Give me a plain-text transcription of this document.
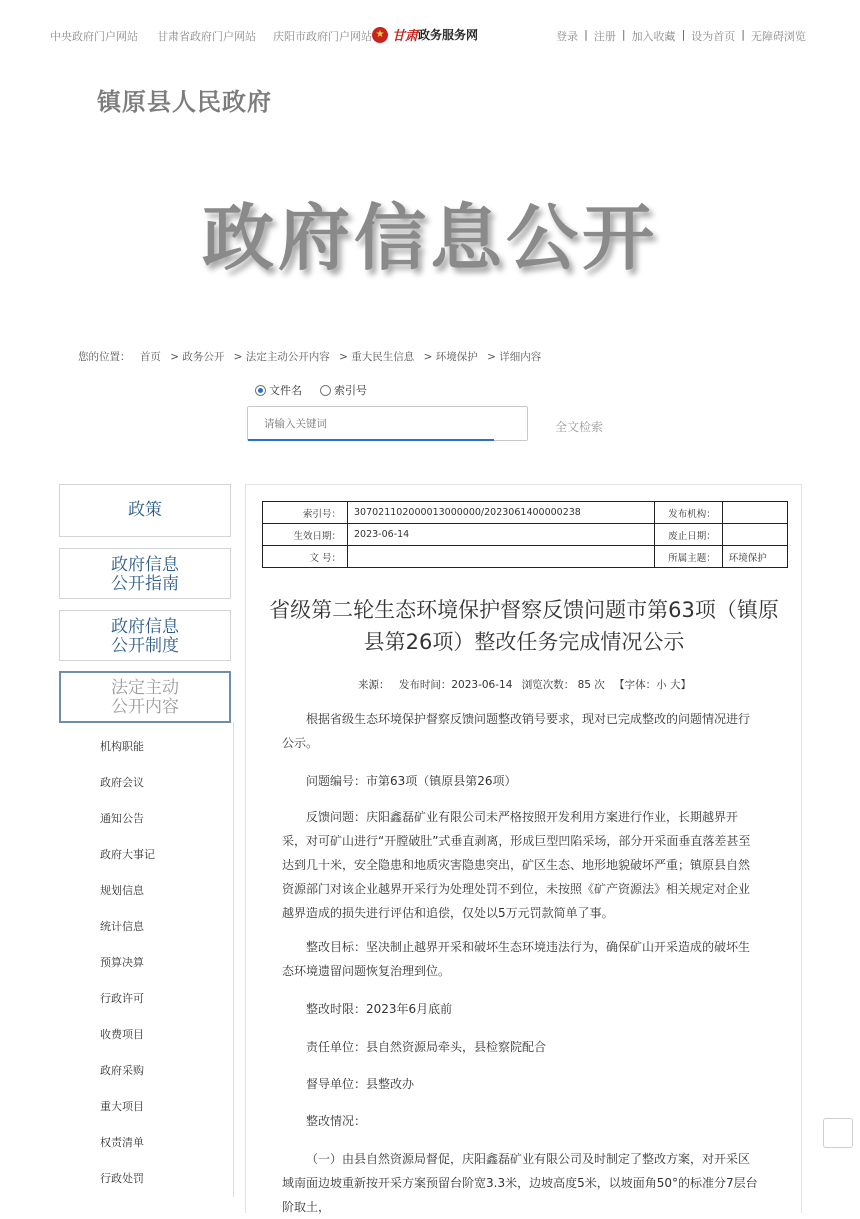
中央政府门户网站 甘肃省政府门户网站 庆阳市政府门户网站 ★ 甘肃 政务服务网	登录 | 注册 | 加入收藏 | 设为首页 | 无障碍浏览
镇原县人民政府
政府信息公开
您的位置： 首页 > 政务公开 > 法定主动公开内容 > 重大民生信息 > 环境保护 > 详细内容
文件名	索引号
请输入关键词
全文检索
政策
政府信息
公开指南
政府信息
公开制度
法定主动
公开内容
机构职能
政府会议
通知公告
政府大事记
规划信息
统计信息
预算决算
行政许可
收费项目
政府采购
重大项目
权责清单
行政处罚
索引号：	307021102000013000000/2023061400000238	发布机构：	
生效日期：	2023-06-14	废止日期：	
文 号：		所属主题：	环境保护
省级第二轮生态环境保护督察反馈问题市第63项（镇原县第26项）整改任务完成情况公示
来源： 发布时间：2023-06-14 浏览次数： 85 次 【字体：小 大】
根据省级生态环境保护督察反馈问题整改销号要求，现对已完成整改的问题情况进行公示。
问题编号：市第63项（镇原县第26项）
反馈问题：庆阳鑫磊矿业有限公司未严格按照开发利用方案进行作业，长期越界开采，对可矿山进行“开膛破肚”式垂直剥离，形成巨型凹陷采场，部分开采面垂直落差甚至达到几十米，安全隐患和地质灾害隐患突出，矿区生态、地形地貌破坏严重；镇原县自然资源部门对该企业越界开采行为处理处罚不到位，未按照《矿产资源法》相关规定对企业越界造成的损失进行评估和追偿，仅处以5万元罚款简单了事。
整改目标：坚决制止越界开采和破坏生态环境违法行为，确保矿山开采造成的破坏生态环境遗留问题恢复治理到位。
整改时限：2023年6月底前
责任单位：县自然资源局牵头，县检察院配合
督导单位：县整改办
整改情况：
（一）由县自然资源局督促，庆阳鑫磊矿业有限公司及时制定了整改方案，对开采区域南面边坡重新按开采方案预留台阶宽3.3米，边坡高度5米，以坡面角50°的标准分7层台阶取土，
